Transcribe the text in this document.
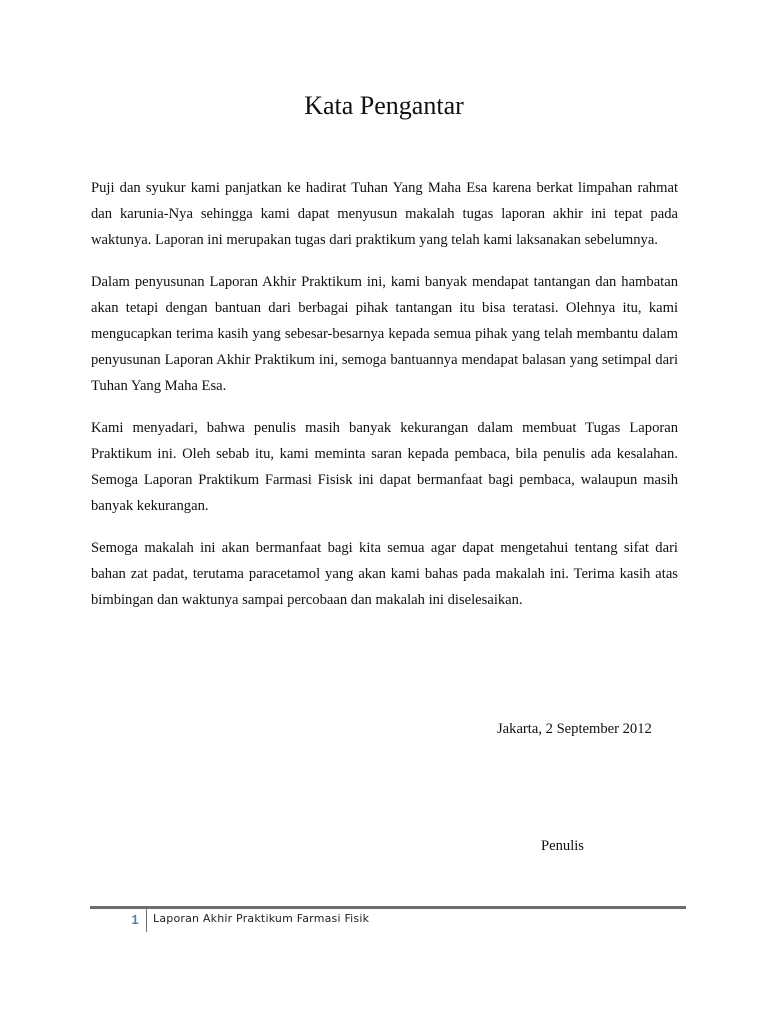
Kata Pengantar

Puji dan syukur kami panjatkan ke hadirat Tuhan Yang Maha Esa karena berkat limpahan rahmat dan karunia-Nya sehingga kami dapat menyusun makalah tugas laporan akhir ini tepat pada waktunya. Laporan ini merupakan tugas dari praktikum yang telah kami laksanakan sebelumnya.

Dalam penyusunan Laporan Akhir Praktikum ini, kami banyak mendapat tantangan dan hambatan akan tetapi dengan bantuan dari berbagai pihak tantangan itu bisa teratasi. Olehnya itu, kami mengucapkan terima kasih yang sebesar-besarnya kepada semua pihak yang telah membantu dalam penyusunan Laporan Akhir Praktikum ini, semoga bantuannya mendapat balasan yang setimpal dari Tuhan Yang Maha Esa.

Kami menyadari, bahwa penulis masih banyak kekurangan dalam membuat Tugas Laporan Praktikum ini. Oleh sebab itu, kami meminta saran kepada pembaca, bila penulis ada kesalahan. Semoga Laporan Praktikum Farmasi Fisisk ini dapat bermanfaat bagi pembaca, walaupun masih banyak kekurangan.

Semoga makalah ini akan bermanfaat bagi kita semua agar dapat mengetahui tentang sifat dari bahan zat padat, terutama paracetamol yang akan kami bahas pada makalah ini. Terima kasih atas bimbingan dan waktunya sampai percobaan dan makalah ini diselesaikan.

Jakarta, 2 September 2012
Penulis
1	Laporan Akhir Praktikum Farmasi Fisik
